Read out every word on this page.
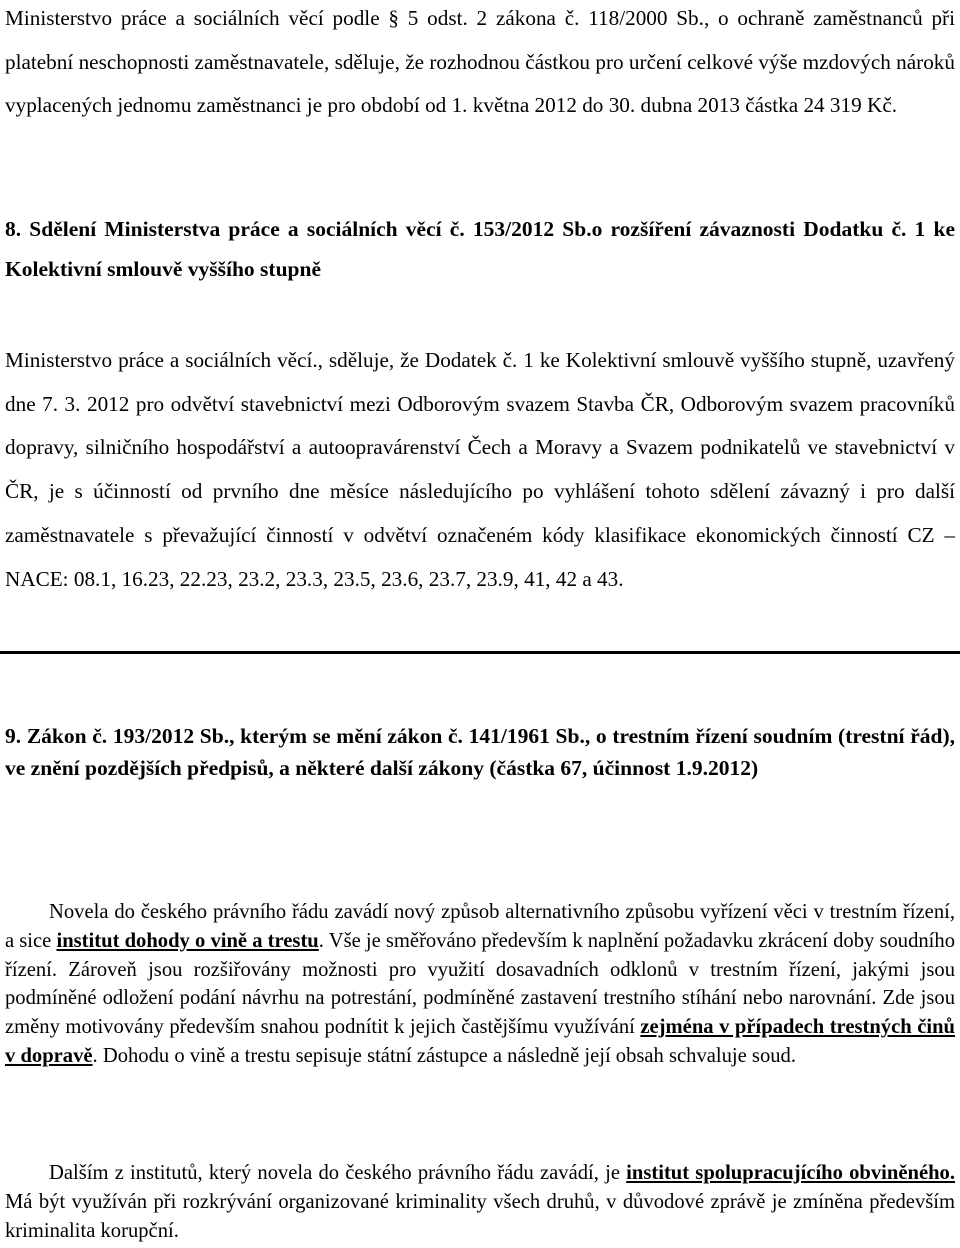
Ministerstvo práce a sociálních věcí podle § 5 odst. 2 zákona č. 118/2000 Sb., o ochraně zaměstnanců při platební neschopnosti zaměstnavatele, sděluje, že rozhodnou částkou pro určení celkové výše mzdových nároků vyplacených jednomu zaměstnanci je pro období od 1. května 2012 do 30. dubna 2013 částka 24 319 Kč.

8. Sdělení Ministerstva práce a sociálních věcí č. 153/2012 Sb.o rozšíření závaznosti Dodatku č. 1 ke Kolektivní smlouvě vyššího stupně

Ministerstvo práce a sociálních věcí., sděluje, že Dodatek č. 1 ke Kolektivní smlouvě vyššího stupně, uzavřený dne 7. 3. 2012 pro odvětví stavebnictví mezi Odborovým svazem Stavba ČR, Odborovým svazem pracovníků dopravy, silničního hospodářství a autoopravárenství Čech a Moravy a Svazem podnikatelů ve stavebnictví v ČR, je s účinností od prvního dne měsíce následujícího po vyhlášení tohoto sdělení závazný i pro další zaměstnavatele s převažující činností v odvětví označeném kódy klasifikace ekonomických činností CZ – NACE: 08.1, 16.23, 22.23, 23.2, 23.3, 23.5, 23.6, 23.7, 23.9, 41, 42 a 43.

9. Zákon č. 193/2012 Sb., kterým se mění zákon č. 141/1961 Sb., o trestním řízení soudním (trestní řád), ve znění pozdějších předpisů, a některé další zákony (částka 67, účinnost 1.9.2012)

Novela do českého právního řádu zavádí nový způsob alternativního způsobu vyřízení věci v trestním řízení, a sice institut dohody o vině a trestu. Vše je směřováno především k naplnění požadavku zkrácení doby soudního řízení. Zároveň jsou rozšiřovány možnosti pro využití dosavadních odklonů v trestním řízení, jakými jsou podmíněné odložení podání návrhu na potrestání, podmíněné zastavení trestního stíhání nebo narovnání. Zde jsou změny motivovány především snahou podnítit k jejich častějšímu využívání zejména v případech trestných činů v dopravě. Dohodu o vině a trestu sepisuje státní zástupce a následně její obsah schvaluje soud.

Dalším z institutů, který novela do českého právního řádu zavádí, je institut spolupracujícího obviněného. Má být využíván při rozkrývání organizované kriminality všech druhů, v důvodové zprávě je zmíněna především kriminalita korupční.
